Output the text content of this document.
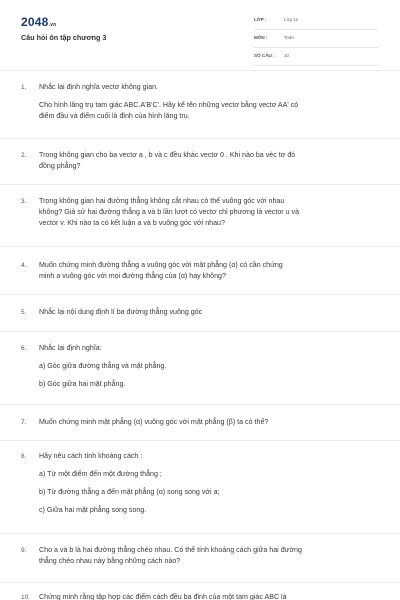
2048.vn
Câu hỏi ôn tập chương 3
LỚP :	Lớp 11
MÔN :	Toán
SỐ CÂU : 10
1.	Nhắc lại định nghĩa vectơ không gian.
Cho hình lăng trụ tam giác ABC.A'B'C'. Hãy kể tên những vectơ bằng vectơ AA' có
điểm đầu và điểm cuối là đỉnh của hình lăng trụ.
2.	Trong không gian cho ba vectơ a , b và c đều khác vectơ 0 . Khi nào ba véc tơ đó
đồng phẳng?
3.	Trong không gian hai đường thẳng không cắt nhau có thể vuông góc với nhau
không? Giả sử hai đường thẳng a và b lần lượt có vectơ chỉ phương là vector u và
vector v. Khi nào ta có kết luận a và b vuông góc với nhau?
4.	Muốn chứng minh đường thẳng a vuông góc với mặt phẳng (α) có cần chứng
minh a vuông góc với mọi đường thẳng của (α) hay không?
5.	Nhắc lại nội dung định lí ba đường thẳng vuông góc
6.	Nhắc lại định nghĩa:
a) Góc giữa đường thẳng và mặt phẳng.
b) Góc giữa hai mặt phẳng.
7.	Muốn chứng minh mặt phẳng (α) vuông góc với mặt phẳng (β) ta có thể?
8.	Hãy nêu cách tính khoảng cách :
a) Từ một điểm đến một đường thẳng ;
b) Từ đường thẳng a đến mặt phẳng (α) song song với a;
c) Giữa hai mặt phẳng song song.
9.	Cho a và b là hai đường thẳng chéo nhau. Có thể tính khoảng cách giữa hai đường
thẳng chéo nhau này bằng những cách nào?
10.	Chứng minh rằng tập hợp các điểm cách đều ba đỉnh của một tam giác ABC là
